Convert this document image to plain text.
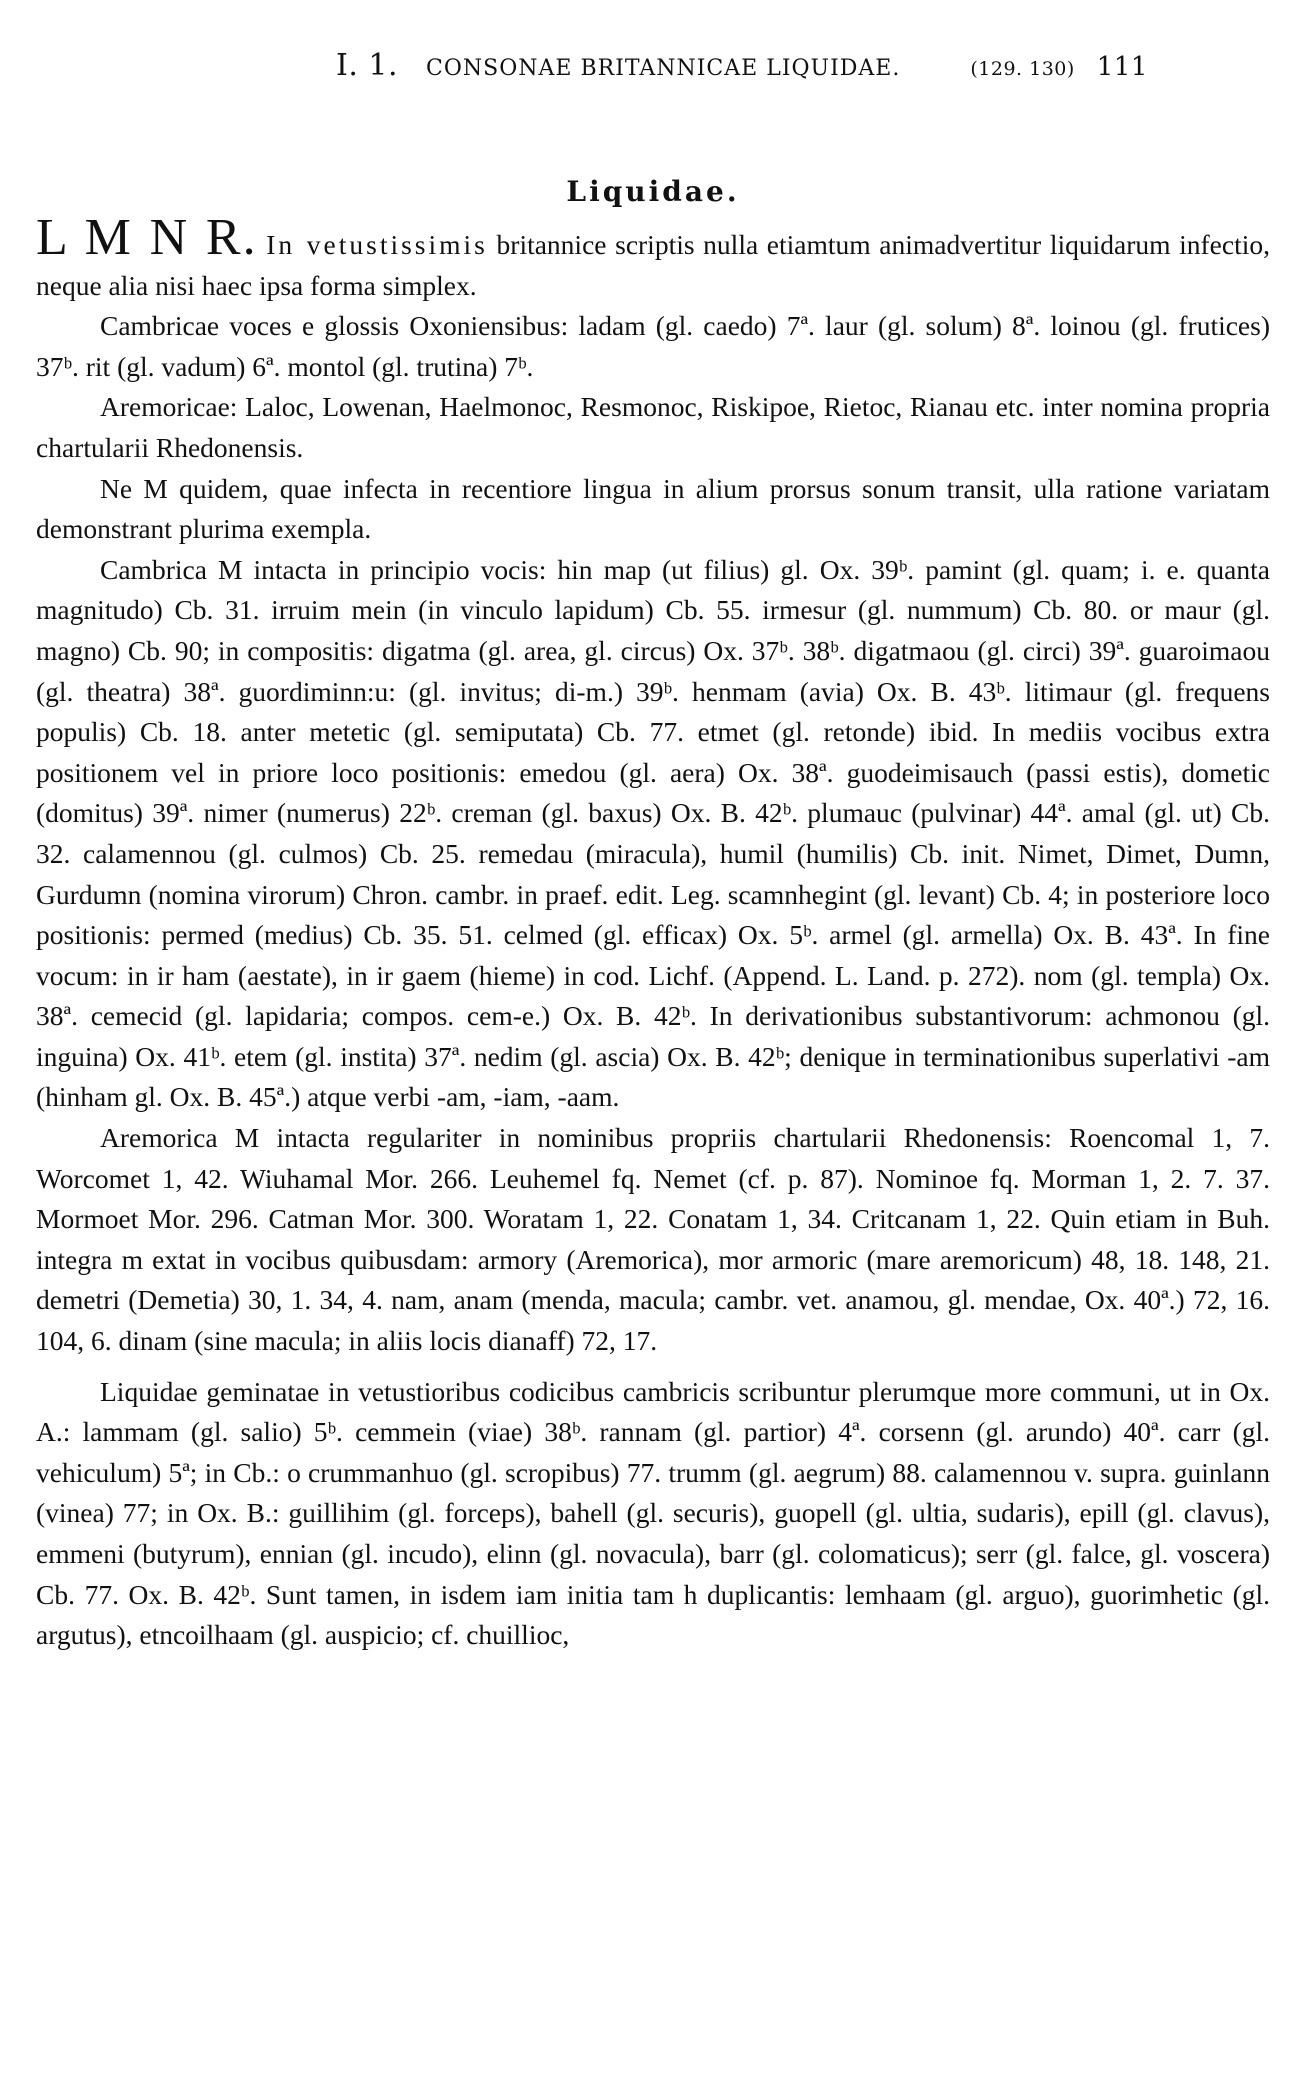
I. 1. CONSONAE BRITANNICAE LIQUIDAE.	(129. 130) 111
Liquidae.

L M N R. In vetustissimis britannice scriptis nulla etiamtum animadvertitur liquidarum infectio, neque alia nisi haec ipsa forma simplex.

Cambricae voces e glossis Oxoniensibus: ladam (gl. caedo) 7ª. laur (gl. solum) 8ª. loinou (gl. frutices) 37ᵇ. rit (gl. vadum) 6ª. montol (gl. trutina) 7ᵇ.

Aremoricae: Laloc, Lowenan, Haelmonoc, Resmonoc, Riskipoe, Rietoc, Rianau etc. inter nomina propria chartularii Rhedonensis.

Ne M quidem, quae infecta in recentiore lingua in alium prorsus sonum transit, ulla ratione variatam demonstrant plurima exempla.

Cambrica M intacta in principio vocis: hin map (ut filius) gl. Ox. 39ᵇ. pamint (gl. quam; i. e. quanta magnitudo) Cb. 31. irruim mein (in vinculo lapidum) Cb. 55. irmesur (gl. nummum) Cb. 80. or maur (gl. magno) Cb. 90; in compositis: digatma (gl. area, gl. circus) Ox. 37ᵇ. 38ᵇ. digatmaou (gl. circi) 39ª. guaroimaou (gl. theatra) 38ª. guordiminn:u: (gl. invitus; di-m.) 39ᵇ. henmam (avia) Ox. B. 43ᵇ. litimaur (gl. frequens populis) Cb. 18. anter metetic (gl. semiputata) Cb. 77. etmet (gl. retonde) ibid. In mediis vocibus extra positionem vel in priore loco positionis: emedou (gl. aera) Ox. 38ª. guodeimisauch (passi estis), dometic (domitus) 39ª. nimer (numerus) 22ᵇ. creman (gl. baxus) Ox. B. 42ᵇ. plumauc (pulvinar) 44ª. amal (gl. ut) Cb. 32. calamennou (gl. culmos) Cb. 25. remedau (miracula), humil (humilis) Cb. init. Nimet, Dimet, Dumn, Gurdumn (nomina virorum) Chron. cambr. in praef. edit. Leg. scamnhegint (gl. levant) Cb. 4; in posteriore loco positionis: permed (medius) Cb. 35. 51. celmed (gl. efficax) Ox. 5ᵇ. armel (gl. armella) Ox. B. 43ª. In fine vocum: in ir ham (aestate), in ir gaem (hieme) in cod. Lichf. (Append. L. Land. p. 272). nom (gl. templa) Ox. 38ª. cemecid (gl. lapidaria; compos. cem-e.) Ox. B. 42ᵇ. In derivationibus substantivorum: achmonou (gl. inguina) Ox. 41ᵇ. etem (gl. instita) 37ª. nedim (gl. ascia) Ox. B. 42ᵇ; denique in terminationibus superlativi -am (hinham gl. Ox. B. 45ª.) atque verbi -am, -iam, -aam.

Aremorica M intacta regulariter in nominibus propriis chartularii Rhedonensis: Roencomal 1, 7. Worcomet 1, 42. Wiuhamal Mor. 266. Leuhemel fq. Nemet (cf. p. 87). Nominoe fq. Morman 1, 2. 7. 37. Mormoet Mor. 296. Catman Mor. 300. Woratam 1, 22. Conatam 1, 34. Critcanam 1, 22. Quin etiam in Buh. integra m extat in vocibus quibusdam: armory (Aremorica), mor armoric (mare aremoricum) 48, 18. 148, 21. demetri (Demetia) 30, 1. 34, 4. nam, anam (menda, macula; cambr. vet. anamou, gl. mendae, Ox. 40ª.) 72, 16. 104, 6. dinam (sine macula; in aliis locis dianaff) 72, 17.

Liquidae geminatae in vetustioribus codicibus cambricis scribuntur plerumque more communi, ut in Ox. A.: lammam (gl. salio) 5ᵇ. cemmein (viae) 38ᵇ. rannam (gl. partior) 4ª. corsenn (gl. arundo) 40ª. carr (gl. vehiculum) 5ª; in Cb.: o crummanhuo (gl. scropibus) 77. trumm (gl. aegrum) 88. calamennou v. supra. guinlann (vinea) 77; in Ox. B.: guillihim (gl. forceps), bahell (gl. securis), guopell (gl. ultia, sudaris), epill (gl. clavus), emmeni (butyrum), ennian (gl. incudo), elinn (gl. novacula), barr (gl. colomaticus); serr (gl. falce, gl. voscera) Cb. 77. Ox. B. 42ᵇ. Sunt tamen, in isdem iam initia tam h duplicantis: lemhaam (gl. arguo), guorimhetic (gl. argutus), etncoilhaam (gl. auspicio; cf. chuillioc,
